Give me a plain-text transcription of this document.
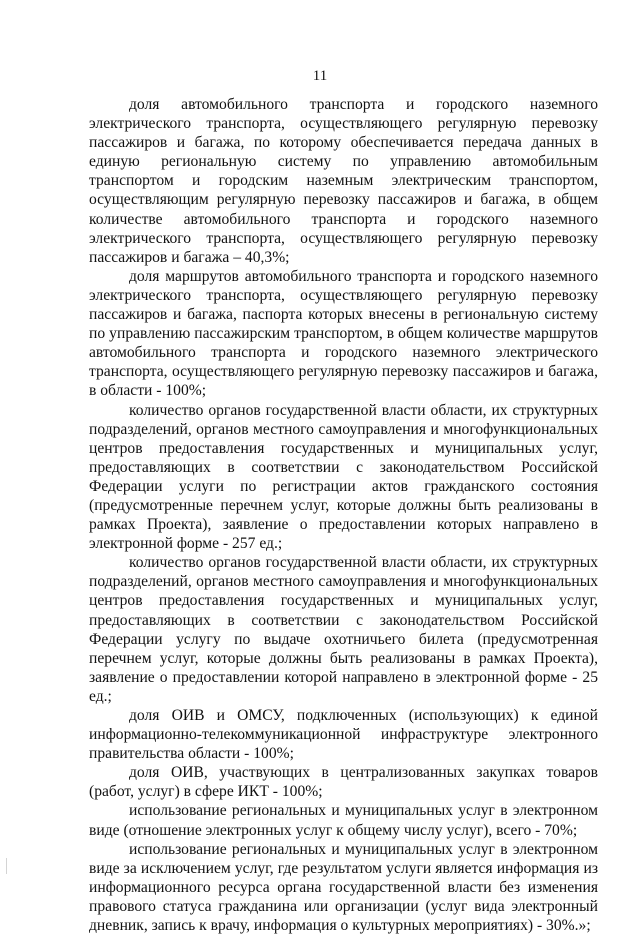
11

доля автомобильного транспорта и городского наземного электрического транспорта, осуществляющего регулярную перевозку пассажиров и багажа, по которому обеспечивается передача данных в единую региональную систему по управлению автомобильным транспортом и городским наземным электрическим транспортом, осуществляющим регулярную перевозку пассажиров и багажа, в общем количестве автомобильного транспорта и городского наземного электрического транспорта, осуществляющего регулярную перевозку пассажиров и багажа – 40,3%;

доля маршрутов автомобильного транспорта и городского наземного электрического транспорта, осуществляющего регулярную перевозку пассажиров и багажа, паспорта которых внесены в региональную систему по управлению пассажирским транспортом, в общем количестве маршрутов автомобильного транспорта и городского наземного электрического транспорта, осуществляющего регулярную перевозку пассажиров и багажа, в области - 100%;

количество органов государственной власти области, их структурных подразделений, органов местного самоуправления и многофункциональных центров предоставления государственных и муниципальных услуг, предоставляющих в соответствии с законодательством Российской Федерации услуги по регистрации актов гражданского состояния (предусмотренные перечнем услуг, которые должны быть реализованы в рамках Проекта), заявление о предоставлении которых направлено в электронной форме - 257 ед.;

количество органов государственной власти области, их структурных подразделений, органов местного самоуправления и многофункциональных центров предоставления государственных и муниципальных услуг, предоставляющих в соответствии с законодательством Российской Федерации услугу по выдаче охотничьего билета (предусмотренная перечнем услуг, которые должны быть реализованы в рамках Проекта), заявление о предоставлении которой направлено в электронной форме - 25 ед.;

доля ОИВ и ОМСУ, подключенных (использующих) к единой информационно-телекоммуникационной инфраструктуре электронного правительства области - 100%;

доля ОИВ, участвующих в централизованных закупках товаров (работ, услуг) в сфере ИКТ - 100%;

использование региональных и муниципальных услуг в электронном виде (отношение электронных услуг к общему числу услуг), всего - 70%;

использование региональных и муниципальных услуг в электронном виде за исключением услуг, где результатом услуги является информация из информационного ресурса органа государственной власти без изменения правового статуса гражданина или организации (услуг вида электронный дневник, запись к врачу, информация о культурных мероприятиях) - 30%.»;
